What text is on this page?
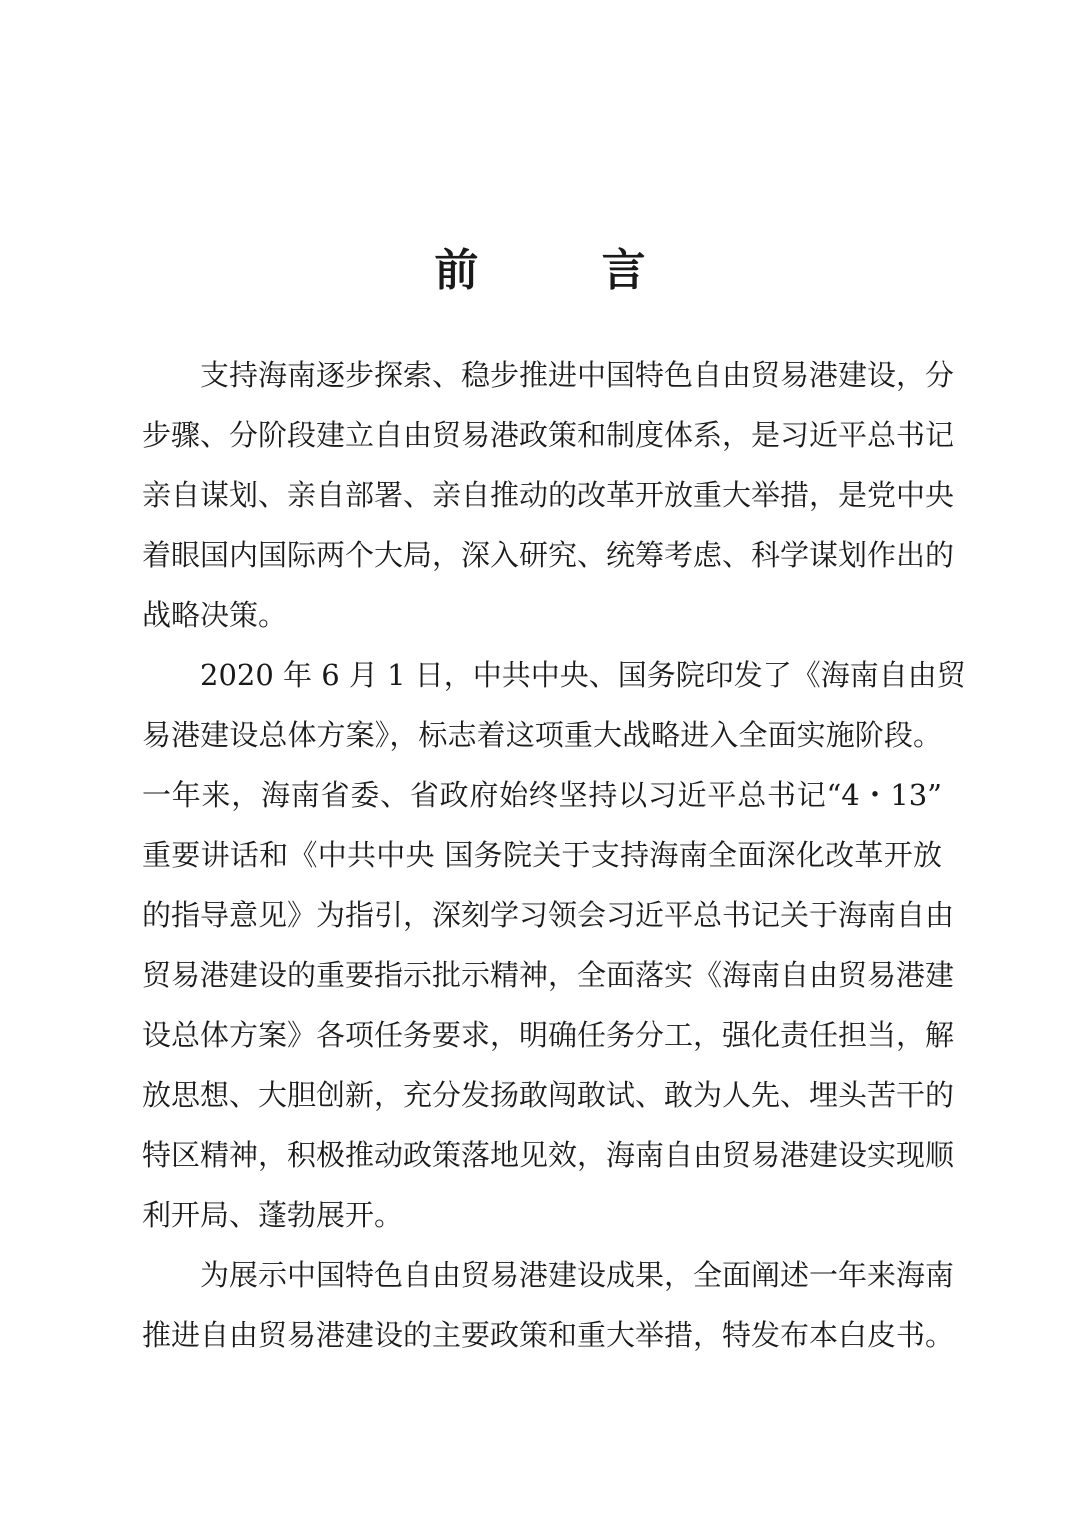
前 言

支持海南逐步探索、稳步推进中国特色自由贸易港建设，分
步骤、分阶段建立自由贸易港政策和制度体系，是习近平总书记
亲自谋划、亲自部署、亲自推动的改革开放重大举措，是党中央
着眼国内国际两个大局，深入研究、统筹考虑、科学谋划作出的
战略决策。

2020 年 6 月 1 日，中共中央、国务院印发了《海南自由贸
易港建设总体方案》，标志着这项重大战略进入全面实施阶段。
一年来，海南省委、省政府始终坚持以习近平总书记“4・13”
重要讲话和《中共中央 国务院关于支持海南全面深化改革开放
的指导意见》为指引，深刻学习领会习近平总书记关于海南自由
贸易港建设的重要指示批示精神，全面落实《海南自由贸易港建
设总体方案》各项任务要求，明确任务分工，强化责任担当，解
放思想、大胆创新，充分发扬敢闯敢试、敢为人先、埋头苦干的
特区精神，积极推动政策落地见效，海南自由贸易港建设实现顺
利开局、蓬勃展开。

为展示中国特色自由贸易港建设成果，全面阐述一年来海南
推进自由贸易港建设的主要政策和重大举措，特发布本白皮书。
